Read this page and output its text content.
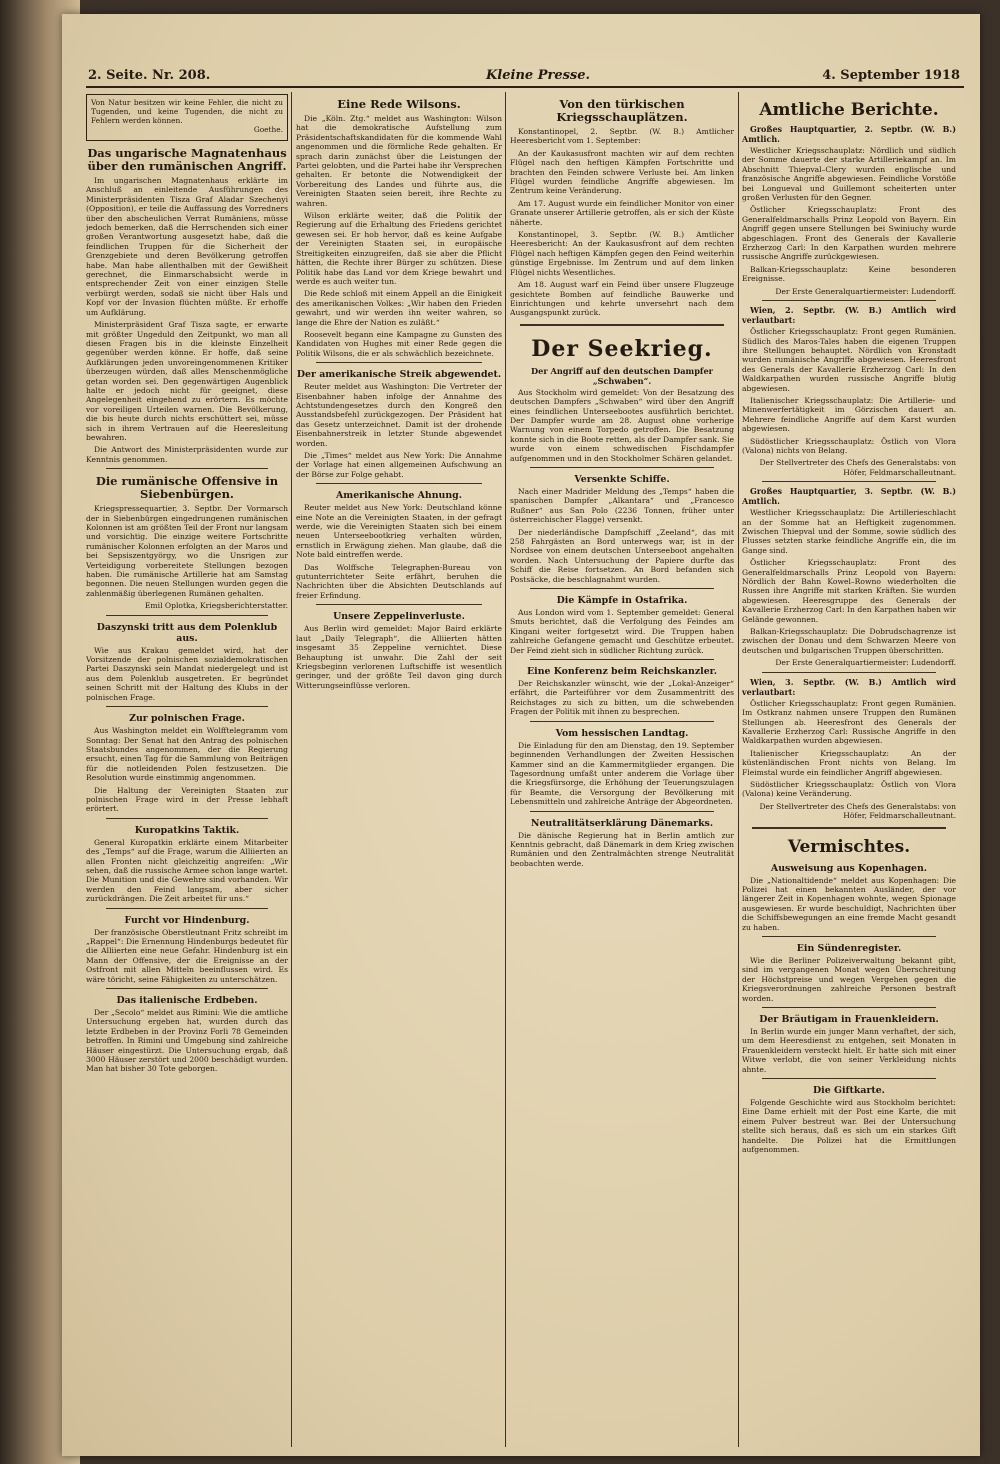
2. Seite. Nr. 208.	Kleine Presse.	4. September 1918
Von Natur besitzen wir keine Fehler, die nicht zu Tugenden, und keine Tugenden, die nicht zu Fehlern werden können.
Goethe.
Das ungarische Magnatenhaus über den rumänischen Angriff.

Im ungarischen Magnatenhaus erklärte im Anschluß an einleitende Ausführungen des Ministerpräsidenten Tisza Graf Aladar Szechenyi (Opposition), er teile die Auffassung des Vorredners über den abscheulichen Verrat Rumäniens, müsse jedoch bemerken, daß die Herrschenden sich einer großen Verantwortung ausgesetzt habe, daß die feindlichen Truppen für die Sicherheit der Grenzgebiete und deren Bevölkerung getroffen habe. Man habe allenthalben mit der Gewißheit gerechnet, die Einmarschabsicht werde in entsprechender Zeit von einer einzigen Stelle verbürgt werden, sodaß sie nicht über Hals und Kopf vor der Invasion flüchten müßte. Er erhoffe um Aufklärung.

Ministerpräsident Graf Tisza sagte, er erwarte mit größter Ungeduld den Zeitpunkt, wo man all diesen Fragen bis in die kleinste Einzelheit gegenüber werden könne. Er hoffe, daß seine Aufklärungen jeden unvoreingenommenen Kritiker überzeugen würden, daß alles Menschenmögliche getan worden sei. Den gegenwärtigen Augenblick halte er jedoch nicht für geeignet, diese Angelegenheit eingehend zu erörtern. Es möchte vor voreiligen Urteilen warnen. Die Bevölkerung, die bis heute durch nichts erschüttert sei, müsse sich in ihrem Vertrauen auf die Heeresleitung bewahren.

Die Antwort des Ministerpräsidenten wurde zur Kenntnis genommen.

Die rumänische Offensive in Siebenbürgen.

Kriegspressequartier, 3. Septbr. Der Vormarsch der in Siebenbürgen eingedrungenen rumänischen Kolonnen ist am größten Teil der Front nur langsam und vorsichtig. Die einzige weitere Fortschritte rumänischer Kolonnen erfolgten an der Maros und bei Sepsiszentgyörgy, wo die Unsrigen zur Verteidigung vorbereitete Stellungen bezogen haben. Die rumänische Artillerie hat am Samstag begonnen. Die neuen Stellungen wurden gegen die zahlenmäßig überlegenen Rumänen gehalten.

Emil Oplotka, Kriegsberichterstatter.
Daszynski tritt aus dem Polenklub aus.

Wie aus Krakau gemeldet wird, hat der Vorsitzende der polnischen sozialdemokratischen Partei Daszynski sein Mandat niedergelegt und ist aus dem Polenklub ausgetreten. Er begründet seinen Schritt mit der Haltung des Klubs in der polnischen Frage.

Zur polnischen Frage.

Aus Washington meldet ein Wolfftelegramm vom Sonntag: Der Senat hat den Antrag des polnischen Staatsbundes angenommen, der die Regierung ersucht, einen Tag für die Sammlung von Beiträgen für die notleidenden Polen festzusetzen. Die Resolution wurde einstimmig angenommen.

Die Haltung der Vereinigten Staaten zur polnischen Frage wird in der Presse lebhaft erörtert.

Kuropatkins Taktik.

General Kuropatkin erklärte einem Mitarbeiter des „Temps“ auf die Frage, warum die Alliierten an allen Fronten nicht gleichzeitig angreifen: „Wir sehen, daß die russische Armee schon lange wartet. Die Munition und die Gewehre sind vorhanden. Wir werden den Feind langsam, aber sicher zurückdrängen. Die Zeit arbeitet für uns.“

Furcht vor Hindenburg.

Der französische Oberstleutnant Fritz schreibt im „Rappel“: Die Ernennung Hindenburgs bedeutet für die Alliierten eine neue Gefahr. Hindenburg ist ein Mann der Offensive, der die Ereignisse an der Ostfront mit allen Mitteln beeinflussen wird. Es wäre töricht, seine Fähigkeiten zu unterschätzen.

Das italienische Erdbeben.

Der „Secolo“ meldet aus Rimini: Wie die amtliche Untersuchung ergeben hat, wurden durch das letzte Erdbeben in der Provinz Forli 78 Gemeinden betroffen. In Rimini und Umgebung sind zahlreiche Häuser eingestürzt. Die Untersuchung ergab, daß 3000 Häuser zerstört und 2000 beschädigt wurden. Man hat bisher 30 Tote geborgen.

Eine Rede Wilsons.

Die „Köln. Ztg.“ meldet aus Washington: Wilson hat die demokratische Aufstellung zum Präsidentschaftskandidaten für die kommende Wahl angenommen und die förmliche Rede gehalten. Er sprach darin zunächst über die Leistungen der Partei gelobten, und die Partei habe ihr Versprechen gehalten. Er betonte die Notwendigkeit der Vorbereitung des Landes und führte aus, die Vereinigten Staaten seien bereit, ihre Rechte zu wahren.

Wilson erklärte weiter, daß die Politik der Regierung auf die Erhaltung des Friedens gerichtet gewesen sei. Er hob hervor, daß es keine Aufgabe der Vereinigten Staaten sei, in europäische Streitigkeiten einzugreifen, daß sie aber die Pflicht hätten, die Rechte ihrer Bürger zu schützen. Diese Politik habe das Land vor dem Kriege bewahrt und werde es auch weiter tun.

Die Rede schloß mit einem Appell an die Einigkeit des amerikanischen Volkes: „Wir haben den Frieden gewahrt, und wir werden ihn weiter wahren, so lange die Ehre der Nation es zuläßt.“

Roosevelt begann eine Kampagne zu Gunsten des Kandidaten von Hughes mit einer Rede gegen die Politik Wilsons, die er als schwächlich bezeichnete.

Der amerikanische Streik abgewendet.

Reuter meldet aus Washington: Die Vertreter der Eisenbahner haben infolge der Annahme des Achtstundengesetzes durch den Kongreß den Ausstandsbefehl zurückgezogen. Der Präsident hat das Gesetz unterzeichnet. Damit ist der drohende Eisenbahnerstreik in letzter Stunde abgewendet worden.

Die „Times“ meldet aus New York: Die Annahme der Vorlage hat einen allgemeinen Aufschwung an der Börse zur Folge gehabt.

Amerikanische Ahnung.

Reuter meldet aus New York: Deutschland könne eine Note an die Vereinigten Staaten, in der gefragt werde, wie die Vereinigten Staaten sich bei einem neuen Unterseebootkrieg verhalten würden, ernstlich in Erwägung ziehen. Man glaube, daß die Note bald eintreffen werde.

Das Wolffsche Telegraphen-Bureau von gutunterrichteter Seite erfährt, beruhen die Nachrichten über die Absichten Deutschlands auf freier Erfindung.

Unsere Zeppelinverluste.

Aus Berlin wird gemeldet: Major Baird erklärte laut „Daily Telegraph“, die Alliierten hätten insgesamt 35 Zeppeline vernichtet. Diese Behauptung ist unwahr. Die Zahl der seit Kriegsbeginn verlorenen Luftschiffe ist wesentlich geringer, und der größte Teil davon ging durch Witterungseinflüsse verloren.

Von den türkischen Kriegsschauplätzen.

Konstantinopel, 2. Septbr. (W. B.) Amtlicher Heeresbericht vom 1. September:

An der Kaukasusfront machten wir auf dem rechten Flügel nach den heftigen Kämpfen Fortschritte und brachten den Feinden schwere Verluste bei. Am linken Flügel wurden feindliche Angriffe abgewiesen. Im Zentrum keine Veränderung.

Am 17. August wurde ein feindlicher Monitor von einer Granate unserer Artillerie getroffen, als er sich der Küste näherte.

Konstantinopel, 3. Septbr. (W. B.) Amtlicher Heeresbericht: An der Kaukasusfront auf dem rechten Flügel nach heftigen Kämpfen gegen den Feind weiterhin günstige Ergebnisse. Im Zentrum und auf dem linken Flügel nichts Wesentliches.

Am 18. August warf ein Feind über unsere Flugzeuge gesichtete Bomben auf feindliche Bauwerke und Einrichtungen und kehrte unversehrt nach dem Ausgangspunkt zurück.

Der Seekrieg.
Der Angriff auf den deutschen Dampfer „Schwaben“.

Aus Stockholm wird gemeldet: Von der Besatzung des deutschen Dampfers „Schwaben“ wird über den Angriff eines feindlichen Unterseebootes ausführlich berichtet. Der Dampfer wurde am 28. August ohne vorherige Warnung von einem Torpedo getroffen. Die Besatzung konnte sich in die Boote retten, als der Dampfer sank. Sie wurde von einem schwedischen Fischdampfer aufgenommen und in den Stockholmer Schären gelandet.

Versenkte Schiffe.

Nach einer Madrider Meldung des „Temps“ haben die spanischen Dampfer „Alkantara“ und „Francesco Rußner“ aus San Polo (2236 Tonnen, früher unter österreichischer Flagge) versenkt.

Der niederländische Dampfschiff „Zeeland“, das mit 258 Fahrgästen an Bord unterwegs war, ist in der Nordsee von einem deutschen Unterseeboot angehalten worden. Nach Untersuchung der Papiere durfte das Schiff die Reise fortsetzen. An Bord befanden sich Postsäcke, die beschlagnahmt wurden.

Die Kämpfe in Ostafrika.

Aus London wird vom 1. September gemeldet: General Smuts berichtet, daß die Verfolgung des Feindes am Kingani weiter fortgesetzt wird. Die Truppen haben zahlreiche Gefangene gemacht und Geschütze erbeutet. Der Feind zieht sich in südlicher Richtung zurück.

Eine Konferenz beim Reichskanzler.

Der Reichskanzler wünscht, wie der „Lokal-Anzeiger“ erfährt, die Parteiführer vor dem Zusammentritt des Reichstages zu sich zu bitten, um die schwebenden Fragen der Politik mit ihnen zu besprechen.

Vom hessischen Landtag.

Die Einladung für den am Dienstag, den 19. September beginnenden Verhandlungen der Zweiten Hessischen Kammer sind an die Kammermitglieder ergangen. Die Tagesordnung umfaßt unter anderem die Vorlage über die Kriegsfürsorge, die Erhöhung der Teuerungszulagen für Beamte, die Versorgung der Bevölkerung mit Lebensmitteln und zahlreiche Anträge der Abgeordneten.

Neutralitätserklärung Dänemarks.

Die dänische Regierung hat in Berlin amtlich zur Kenntnis gebracht, daß Dänemark in dem Krieg zwischen Rumänien und den Zentralmächten strenge Neutralität beobachten werde.

Amtliche Berichte.
Großes Hauptquartier, 2. Septbr. (W. B.) Amtlich.

Westlicher Kriegsschauplatz: Nördlich und südlich der Somme dauerte der starke Artilleriekampf an. Im Abschnitt Thiepval–Clery wurden englische und französische Angriffe abgewiesen. Feindliche Vorstöße bei Longueval und Guillemont scheiterten unter großen Verlusten für den Gegner.

Östlicher Kriegsschauplatz: Front des Generalfeldmarschalls Prinz Leopold von Bayern. Ein Angriff gegen unsere Stellungen bei Swiniuchy wurde abgeschlagen. Front des Generals der Kavallerie Erzherzog Carl: In den Karpathen wurden mehrere russische Angriffe zurückgewiesen.

Balkan-Kriegsschauplatz: Keine besonderen Ereignisse.

Der Erste Generalquartiermeister: Ludendorff.
Wien, 2. Septbr. (W. B.) Amtlich wird verlautbart:

Östlicher Kriegsschauplatz: Front gegen Rumänien. Südlich des Maros-Tales haben die eigenen Truppen ihre Stellungen behauptet. Nördlich von Kronstadt wurden rumänische Angriffe abgewiesen. Heeresfront des Generals der Kavallerie Erzherzog Carl: In den Waldkarpathen wurden russische Angriffe blutig abgewiesen.

Italienischer Kriegsschauplatz: Die Artillerie- und Minenwerfertätigkeit im Görzischen dauert an. Mehrere feindliche Angriffe auf dem Karst wurden abgewiesen.

Südöstlicher Kriegsschauplatz: Östlich von Vlora (Valona) nichts von Belang.

Der Stellvertreter des Chefs des Generalstabs: von Höfer, Feldmarschalleutnant.
Großes Hauptquartier, 3. Septbr. (W. B.) Amtlich.

Westlicher Kriegsschauplatz: Die Artillerieschlacht an der Somme hat an Heftigkeit zugenommen. Zwischen Thiepval und der Somme, sowie südlich des Flusses setzten starke feindliche Angriffe ein, die im Gange sind.

Östlicher Kriegsschauplatz: Front des Generalfeldmarschalls Prinz Leopold von Bayern: Nördlich der Bahn Kowel–Rowno wiederholten die Russen ihre Angriffe mit starken Kräften. Sie wurden abgewiesen. Heeresgruppe des Generals der Kavallerie Erzherzog Carl: In den Karpathen haben wir Gelände gewonnen.

Balkan-Kriegsschauplatz: Die Dobrudschagrenze ist zwischen der Donau und dem Schwarzen Meere von deutschen und bulgarischen Truppen überschritten.

Der Erste Generalquartiermeister: Ludendorff.
Wien, 3. Septbr. (W. B.) Amtlich wird verlautbart:

Östlicher Kriegsschauplatz: Front gegen Rumänien. Im Ostkranz nahmen unsere Truppen den Rumänen Stellungen ab. Heeresfront des Generals der Kavallerie Erzherzog Carl: Russische Angriffe in den Waldkarpathen wurden abgewiesen.

Italienischer Kriegsschauplatz: An der küstenländischen Front nichts von Belang. Im Fleimstal wurde ein feindlicher Angriff abgewiesen.

Südöstlicher Kriegsschauplatz: Östlich von Vlora (Valona) keine Veränderung.

Der Stellvertreter des Chefs des Generalstabs: von Höfer, Feldmarschalleutnant.
Vermischtes.
Ausweisung aus Kopenhagen.

Die „Nationaltidende“ meldet aus Kopenhagen: Die Polizei hat einen bekannten Ausländer, der vor längerer Zeit in Kopenhagen wohnte, wegen Spionage ausgewiesen. Er wurde beschuldigt, Nachrichten über die Schiffsbewegungen an eine fremde Macht gesandt zu haben.

Ein Sündenregister.

Wie die Berliner Polizeiverwaltung bekannt gibt, sind im vergangenen Monat wegen Überschreitung der Höchstpreise und wegen Vergehen gegen die Kriegsverordnungen zahlreiche Personen bestraft worden.

Der Bräutigam in Frauenkleidern.

In Berlin wurde ein junger Mann verhaftet, der sich, um dem Heeresdienst zu entgehen, seit Monaten in Frauenkleidern versteckt hielt. Er hatte sich mit einer Witwe verlobt, die von seiner Verkleidung nichts ahnte.

Die Giftkarte.

Folgende Geschichte wird aus Stockholm berichtet: Eine Dame erhielt mit der Post eine Karte, die mit einem Pulver bestreut war. Bei der Untersuchung stellte sich heraus, daß es sich um ein starkes Gift handelte. Die Polizei hat die Ermittlungen aufgenommen.
